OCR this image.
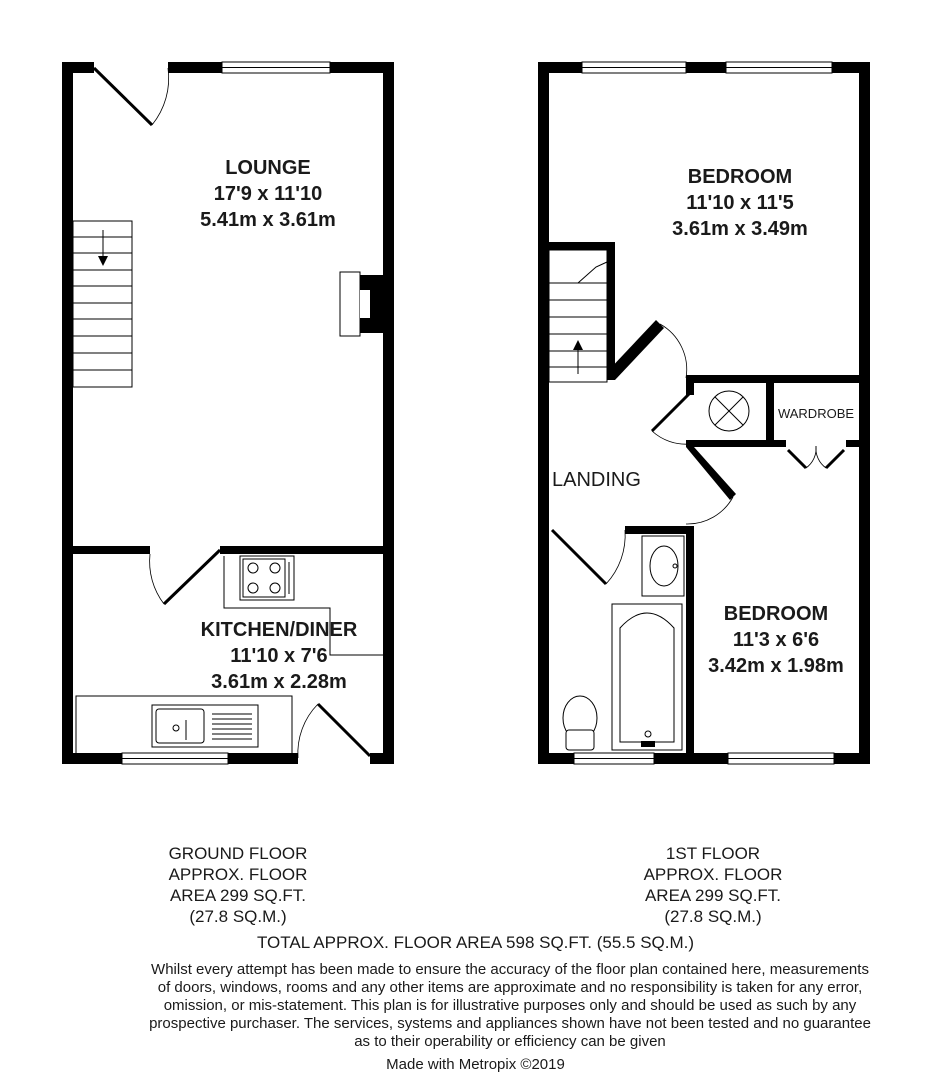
LOUNGE
17'9 x 11'10
5.41m x 3.61m
KITCHEN/DINER
11'10 x 7'6
3.61m x 2.28m
WARDROBE
BEDROOM
11'10 x 11'5
3.61m x 3.49m
LANDING
BEDROOM
11'3 x 6'6
3.42m x 1.98m
GROUND FLOOR
APPROX. FLOOR
AREA 299 SQ.FT.
(27.8 SQ.M.)
1ST FLOOR
APPROX. FLOOR
AREA 299 SQ.FT.
(27.8 SQ.M.)
TOTAL APPROX. FLOOR AREA 598 SQ.FT. (55.5 SQ.M.)
Whilst every attempt has been made to ensure the accuracy of the floor plan contained here, measurements
of doors, windows, rooms and any other items are approximate and no responsibility is taken for any error,
omission, or mis-statement. This plan is for illustrative purposes only and should be used as such by any
prospective purchaser. The services, systems and appliances shown have not been tested and no guarantee
as to their operability or efficiency can be given
Made with Metropix ©2019
